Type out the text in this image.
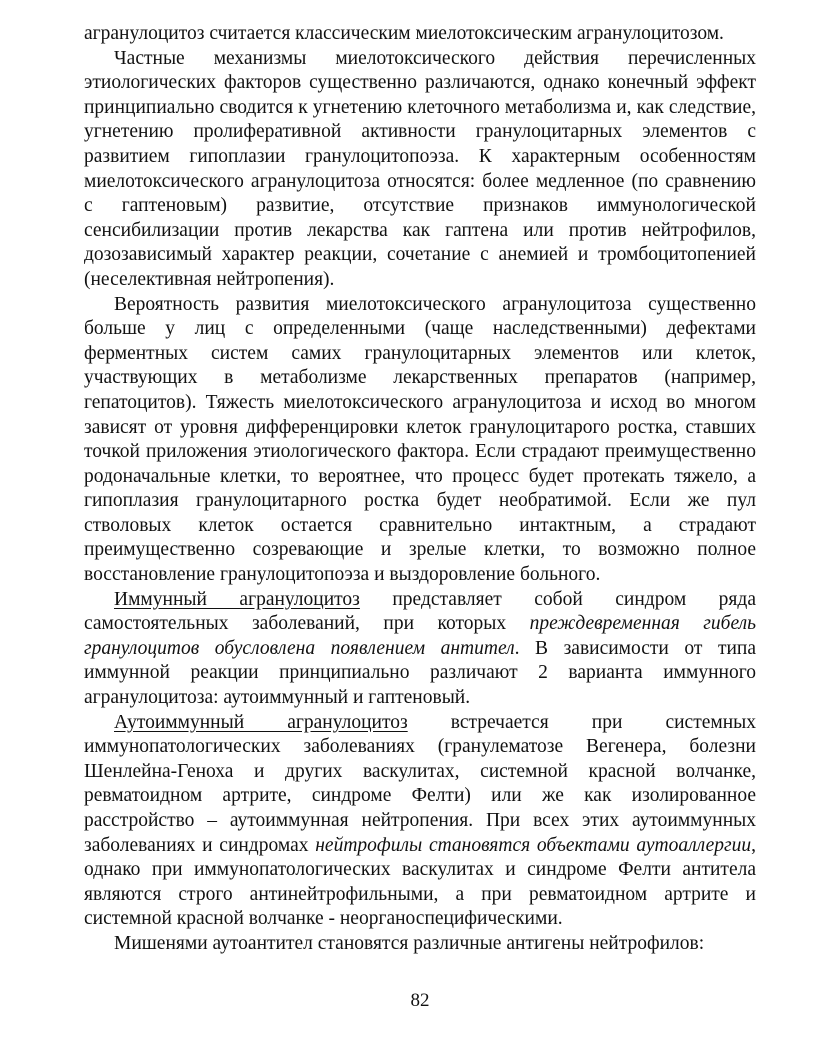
агранулоцитоз считается классическим миелотоксическим агранулоцитозом.

Частные механизмы миелотоксического действия перечисленных этиологических факторов существенно различаются, однако конечный эффект принципиально сводится к угнетению клеточного метаболизма и, как следствие, угнетению пролиферативной активности гранулоцитарных элементов с развитием гипоплазии гранулоцитопоэза. К характерным особенностям миелотоксического агранулоцитоза относятся: более медленное (по сравнению с гаптеновым) развитие, отсутствие признаков иммунологической сенсибилизации против лекарства как гаптена или против нейтрофилов, дозозависимый характер реакции, сочетание с анемией и тромбоцитопенией (неселективная нейтропения).

Вероятность развития миелотоксического агранулоцитоза существенно больше у лиц с определенными (чаще наследственными) дефектами ферментных систем самих гранулоцитарных элементов или клеток, участвующих в метаболизме лекарственных препаратов (например, гепатоцитов). Тяжесть миелотоксического агранулоцитоза и исход во многом зависят от уровня дифференцировки клеток гранулоцитарого ростка, ставших точкой приложения этиологического фактора. Если страдают преимущественно родоначальные клетки, то вероятнее, что процесс будет протекать тяжело, а гипоплазия гранулоцитарного ростка будет необратимой. Если же пул стволовых клеток остается сравнительно интактным, а страдают преимущественно созревающие и зрелые клетки, то возможно полное восстановление гранулоцитопоэза и выздоровление больного.

Иммунный агранулоцитоз представляет собой синдром ряда самостоятельных заболеваний, при которых преждевременная гибель гранулоцитов обусловлена появлением антител. В зависимости от типа иммунной реакции принципиально различают 2 варианта иммунного агранулоцитоза: аутоиммунный и гаптеновый.

Аутоиммунный агранулоцитоз встречается при системных иммунопатологических заболеваниях (гранулематозе Вегенера, болезни Шенлейна-Геноха и других васкулитах, системной красной волчанке, ревматоидном артрите, синдроме Фелти) или же как изолированное расстройство – аутоиммунная нейтропения. При всех этих аутоиммунных заболеваниях и синдромах нейтрофилы становятся объектами аутоаллергии, однако при иммунопатологических васкулитах и синдроме Фелти антитела являются строго антинейтрофильными, а при ревматоидном артрите и системной красной волчанке - неорганоспецифическими.

Мишенями аутоантител становятся различные антигены нейтрофилов:

82
